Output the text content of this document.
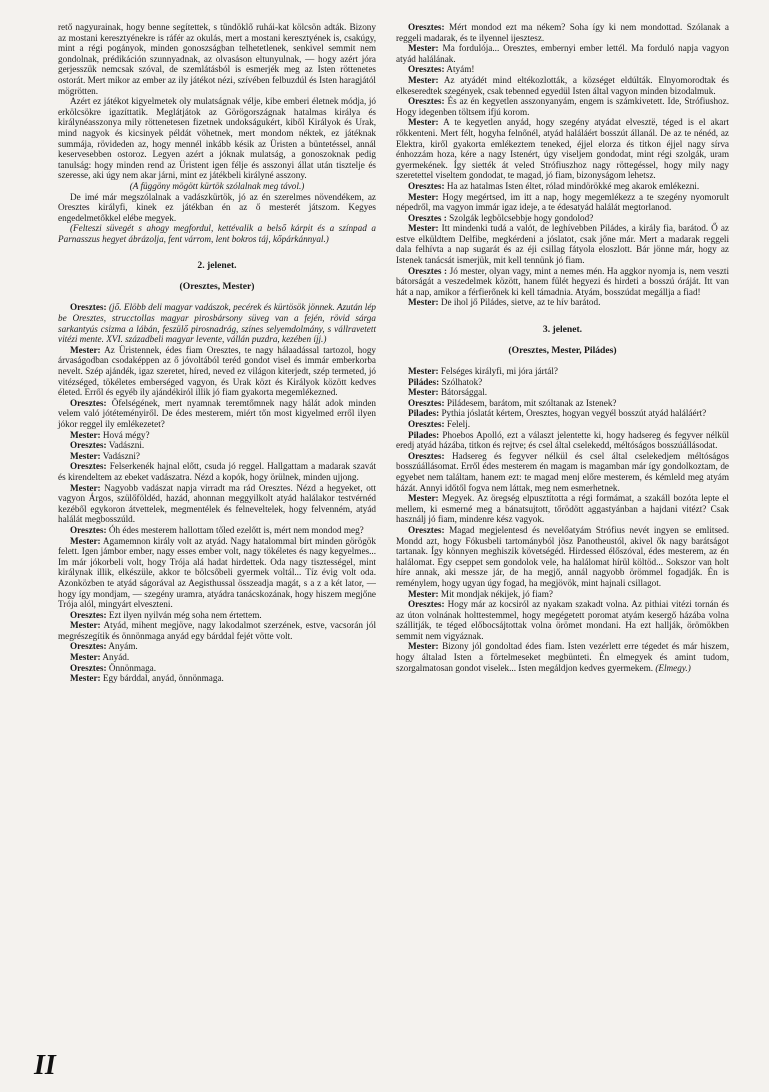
rető nagyurainak, hogy benne segítettek, s tündöklő ruhái-kat kölcsön adták. Bizony az mostani keresztyénekre is ráfér az okulás, mert a mostani keresztyének is, csakúgy, mint a régi pogányok, minden gonoszságban telhetetlenek, senkivel semmit nem gondolnak, prédikáción szunnyadnak, az olvasáson eltunyulnak, — hogy azért jóra gerjesszük nemcsak szóval, de szemlátásból is esmerjék meg az Isten röttenetes ostorát. Mert mikor az ember az ily játékot nézi, szívében felbuzdúl és Isten haragjától mögrötten.

Azért ez játékot kigyelmetek oly mulatságnak vélje, kibe emberi életnek módja, jó erkölcsökre igazíttatik. Meglátjátok az Görögországnak hatalmas királya és királynéasszonya mily röttenetesen fizetnek undokságukért, kiből Királyok és Urak, mind nagyok és kicsinyek példát vöhetnek, mert mondom néktek, ez játéknak summája, rövideden az, hogy mennél inkább késik az Üristen a büntetéssel, annál keservesebben ostoroz. Legyen azért a jóknak mulatság, a gonoszoknak pedig tanulság: hogy minden rend az Üristent igen félje és asszonyi állat után tisztelje és szeresse, aki úgy nem akar járni, mint ez játékbeli királyné asszony.

(A függöny mögött kürtök szólalnak meg távol.)

De imé már megszólalnak a vadászkürtök, jó az én szerelmes növendékem, az Oresztes királyfi, kinek ez játékban én az ő mesterét játszom. Kegyes engedelmetőkkel elébe megyek.

(Felteszi süvegét s ahogy megfordul, kettévalik a belső kárpit és a színpad a Parnasszus hegyet ábrázolja, fent várrom, lent bokros táj, kőpárkánnyal.)

2. jelenet.
(Oresztes, Mester)

Oresztes: (jő. Elöbb deli magyar vadászok, pecérek és kürtösök jönnek. Azután lép be Oresztes, strucctollas magyar pirosbársony süveg van a fején, rövid sárga sarkantyús csizma a lábán, feszülő pirosnadrág, színes selyemdolmány, s vállravetett vitézi mente. XVI. századbeli magyar levente, vállán puzdra, kezében íjj.)

Mester: Az Üristennek, édes fiam Oresztes, te nagy hálaadással tartozol, hogy árvaságodban csodaképpen az ő jóvoltából teréd gondot visel és immár emberkorba nevelt. Szép ajándék, igaz szeretet, híred, neved ez világon kiterjedt, szép termeted, jó vitézséged, tökéletes emberséged vagyon, és Urak közt és Királyok között kedves életed. Erről és egyéb ily ajándékiról illik jó fiam gyakorta megemlékezned.

Oresztes: Öfelségének, mert nyamnak teremtőmnek nagy hálát adok minden velem való jótéteményiről. De édes mesterem, miért tőn most kigyelmed erről ilyen jókor reggel ily emlékezetet?

Mester: Hová mégy?

Oresztes: Vadászni.

Mester: Vadászni?

Oresztes: Felserkenék hajnal előtt, csuda jó reggel. Hallgattam a madarak szavát és kirendeltem az ebeket vadászatra. Nézd a kopók, hogy örülnek, minden ujjong.

Mester: Nagyobb vadászat napja virradt ma rád Oresztes. Nézd a hegyeket, ott vagyon Árgos, szülőföldéd, hazád, ahonnan meggyilkolt atyád halálakor testvérnéd kezéből egykoron átvettelek, megmentélek és felneveltelek, hogy felvenném, atyád halálát megbosszúld.

Oresztes: Óh édes mesterem hallottam tőled ezelőtt is, mért nem mondod meg?

Mester: Agamemnon király volt az atyád. Nagy hatalommal bírt minden görögök felett. Igen jámbor ember, nagy esses ember volt, nagy tökéletes és nagy kegyelmes... Im már jókorbeli volt, hogy Trója alá hadat hirdettek. Oda nagy tisztességel, mint királynak illik, elkészüle, akkor te bölcsőbeli gyermek voltál... Tíz évig volt oda. Azonközben te atyád ságorával az Aegisthussal összeadja magát, s a z a két lator, — hogy így mondjam, — szegény uramra, atyádra tanácskozának, hogy hiszem megjőne Trója alól, mingyárt elveszteni.

Oresztes: Ezt ilyen nyilván még soha nem értettem.

Mester: Atyád, mihent megjöve, nagy lakodalmot szerzének, estve, vacsorán jól megrészegítik és önnönmaga anyád egy bárddal fejét vötte volt.

Oresztes: Anyám.

Mester: Anyád.

Oresztes: Önnönmaga.

Mester: Egy bárddal, anyád, önnönmaga.

Oresztes: Mért mondod ezt ma nékem? Soha így ki nem mondottad. Szólanak a reggeli madarak, és te ilyennel ijesztesz.

Mester: Ma fordulója... Oresztes, embernyi ember lettél. Ma forduló napja vagyon atyád halálának.

Oresztes: Atyám!

Mester: Az atyádét mind eltékozlották, a községet eldúlták. Elnyomorodtak és elkeseredtek szegények, csak tebenned egyedül Isten által vagyon minden bizodalmuk.

Oresztes: És az én kegyetlen asszonyanyám, engem is számkivetett. Ide, Strófiushoz. Hogy idegenben töltsem ifjú korom.

Mester: A te kegyetlen anyád, hogy szegény atyádat elvesztë, téged is el akart rőkkenteni. Mert félt, hogyha felnőnél, atyád haláláért bosszút állanál. De az te nénéd, az Elektra, kiről gyakorta emlékeztem teneked, éjjel elorzа és titkon éjjel nagy sírva énhozzám hoza, kére a nagy Istenért, úgy viseljem gondodat, mint régi szolgák, uram gyermekének. Így siették át veled Strófiuszhoz nagy röttegéssel, hogy mily nagy szeretettel viseltem gondodat, te magad, jó fiam, bizonyságom lehetsz.

Oresztes: Ha az hatalmas Isten éltet, rólad mindörökké meg akarok emlékezni.

Mester: Hogy megértsed, im itt a nap, hogy megemlékezz a te szegény nyomorult népedről, ma vagyon immár igaz ideje, a te édesatyád halálát megtorlanod.

Oresztes : Szolgák legbölcsebbje hogy gondolod?

Mester: Itt mindenki tudá a valót, de leghívebben Piládes, a király fia, barátod. Ő az estve elküldtem Delfibe, megkérdeni a jóslatot, csak jőne már. Mert a madarak reggeli dala felhívta a nap sugarát és az éji csillag fátyola eloszlott. Bár jönne már, hogy az Istenek tanácsát ismerjük, mit kell tennünk jó fiam.

Oresztes : Jó mester, olyan vagy, mint a nemes mén. Ha aggkor nyomja is, nem veszti bátorságát a veszedelmek között, hanem fülét hegyezi és hirdeti a bosszú óráját. Itt van hát a nap, amikor a férfierőnek ki kell támadnia. Atyám, bosszúdat megállja a fiad!

Mester: De ihol jő Piládes, sietve, az te hív barátod.

3. jelenet.
(Oresztes, Mester, Piládes)

Mester: Felséges királyfi, mi jóra jártál?

Piládes: Szólhatok?

Mester: Bátorsággal.

Oresztes: Piládesem, barátom, mit szóltanak az Istenek?

Pilades: Pythia jóslatát kértem, Oresztes, hogyan vegyél bosszút atyád haláláért?

Oresztes: Felelj.

Pilades: Phoebos Apolló, ezt a választ jelentette ki, hogy hadsereg és fegyver nélkül eredj atyád házába, titkon és rejtve; és csel által cselekedd, méltóságos bosszúállásodat.

Oresztes: Hadsereg és fegyver nélkül és csel által cselekedjem méltóságos bosszúállásomat. Erről édes mesterem én magam is magamban már így gondolkoztam, de egyebet nem találtam, hanem ezt: te magad menj előre mesterem, és kémleld meg atyám házát. Annyi időtől fogva nem láttak, meg nem esmerhetnek.

Mester: Megyek. Az öregség elpusztította a régi formámat, a szakáll bozóta lepte el mellem, ki esmerné meg a bánatsujtott, tőrödött aggastyánban a hajdani vitézt? Csak használj jó fiam, mindenre kész vagyok.

Oresztes: Magad megjelentesd és nevelőatyám Strófius nevét ingyen se emlitsed. Mondd azt, hogy Fókusbeli tartományból jösz Panotheustól, akivel ők nagy barátságot tartanak. Így könnyen meghiszik követségéd. Hirdessed élőszóval, édes mesterem, az én halálomat. Egy cseppet sem gondolok vele, ha halálomat hírül költöd... Sokszor van holt híre annak, aki messze jár, de ha megjő, annál nagyobb örömmel fogadják. Én is reménylem, hogy ugyan úgy fogad, ha megjövök, mint hajnali csillagot.

Mester: Mit mondjak nékijek, jó fiam?

Oresztes: Hogy már az kocsiról az nyakam szakadt volna. Az pithiai vitézi tornán és az úton volnának holttestemmel, hogy megégetett poromat atyám kesergő házába volna szállitják, te téged előbocsájtottak volna örömet mondani. Ha ezt hallják, örömökben semmit nem vigyáznak.

Mester: Bizony jól gondoltad édes fiam. Isten vezérlett erre tégedet és már hiszem, hogy általad Isten a förtelmeseket megbünteti. Én elmegyek és amint tudom, szorgalmatosan gondot viselek... Isten megáldjon kedves gyermekem. (Elmegy.)

II
